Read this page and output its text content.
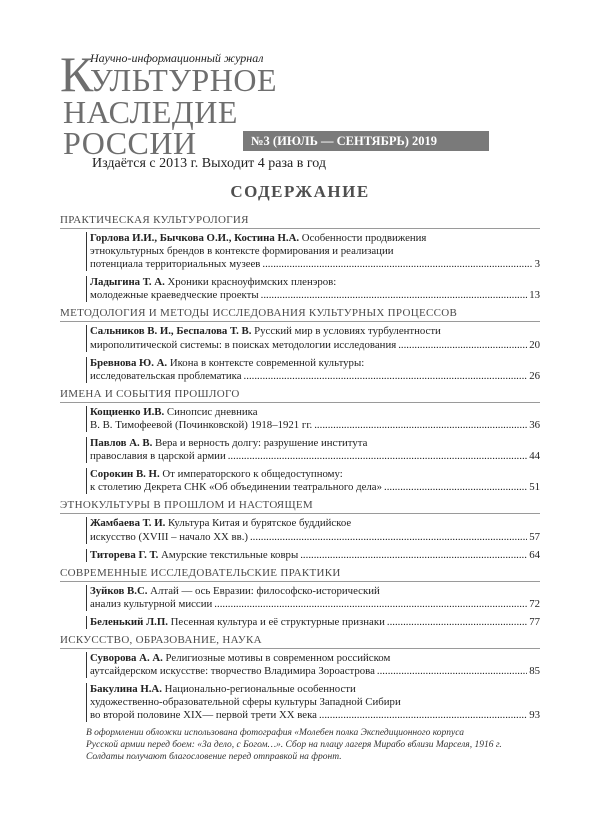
Научно-информационный журнал
К
УЛЬТУРНОЕ
НАСЛЕДИЕ
РОССИИ	№3 (ИЮЛЬ — СЕНТЯБРЬ) 2019
Издаётся с 2013 г. Выходит 4 раза в год
СОДЕРЖАНИЕ
ПРАКТИЧЕСКАЯ КУЛЬТУРОЛОГИЯ
Горлова И.И., Бычкова О.И., Костина Н.А. Особенности продвижения
этнокультурных брендов в контексте формирования и реализации
потенциала территориальных музеев .....	3
Ладыгина Т. А. Хроники красноуфимских пленэров:
молодежные краеведческие проекты .....	13
МЕТОДОЛОГИЯ И МЕТОДЫ ИССЛЕДОВАНИЯ КУЛЬТУРНЫХ ПРОЦЕССОВ
Сальников В. И., Беспалова Т. В. Русский мир в условиях турбулентности
мирополитической системы: в поисках методологии исследования .....	20
Бревнова Ю. А. Икона в контексте современной культуры:
исследовательская проблематика .....	26
ИМЕНА И СОБЫТИЯ ПРОШЛОГО
Кощиенко И.В. Синопсис дневника
В. В. Тимофеевой (Починковской) 1918–1921 гг. .....	36
Павлов А. В. Вера и верность долгу: разрушение института
православия в царской армии .....	44
Сорокин В. Н. От императорского к общедоступному:
к столетию Декрета СНК «Об объединении театрального дела» .....	51
ЭТНОКУЛЬТУРЫ В ПРОШЛОМ И НАСТОЯЩЕМ
Жамбаева Т. И. Культура Китая и бурятское буддийское
искусство (XVIII – начало XX вв.) .....	57
Титорева Г. Т. Амурские текстильные ковры .....	64
СОВРЕМЕННЫЕ ИССЛЕДОВАТЕЛЬСКИЕ ПРАКТИКИ
Зуйков В.С. Алтай — ось Евразии: философско-исторический
анализ культурной миссии .....	72
Беленький Л.П. Песенная культура и её структурные признаки .....	77
ИСКУССТВО, ОБРАЗОВАНИЕ, НАУКА
Суворова А. А. Религиозные мотивы в современном российском
аутсайдерском искусстве: творчество Владимира Зороастрова .....	85
Бакулина Н.А. Национально-региональные особенности
художественно-образовательной сферы культуры Западной Сибири
во второй половине XIX— первой трети XX века .....	93
В оформлении обложки использована фотография «Молебен полка Экспедиционного корпуса
Русской армии перед боем: «За дело, с Богом…». Сбор на плацу лагеря Мирабо вблизи Марселя, 1916 г.
Солдаты получают благословение перед отправкой на фронт.
